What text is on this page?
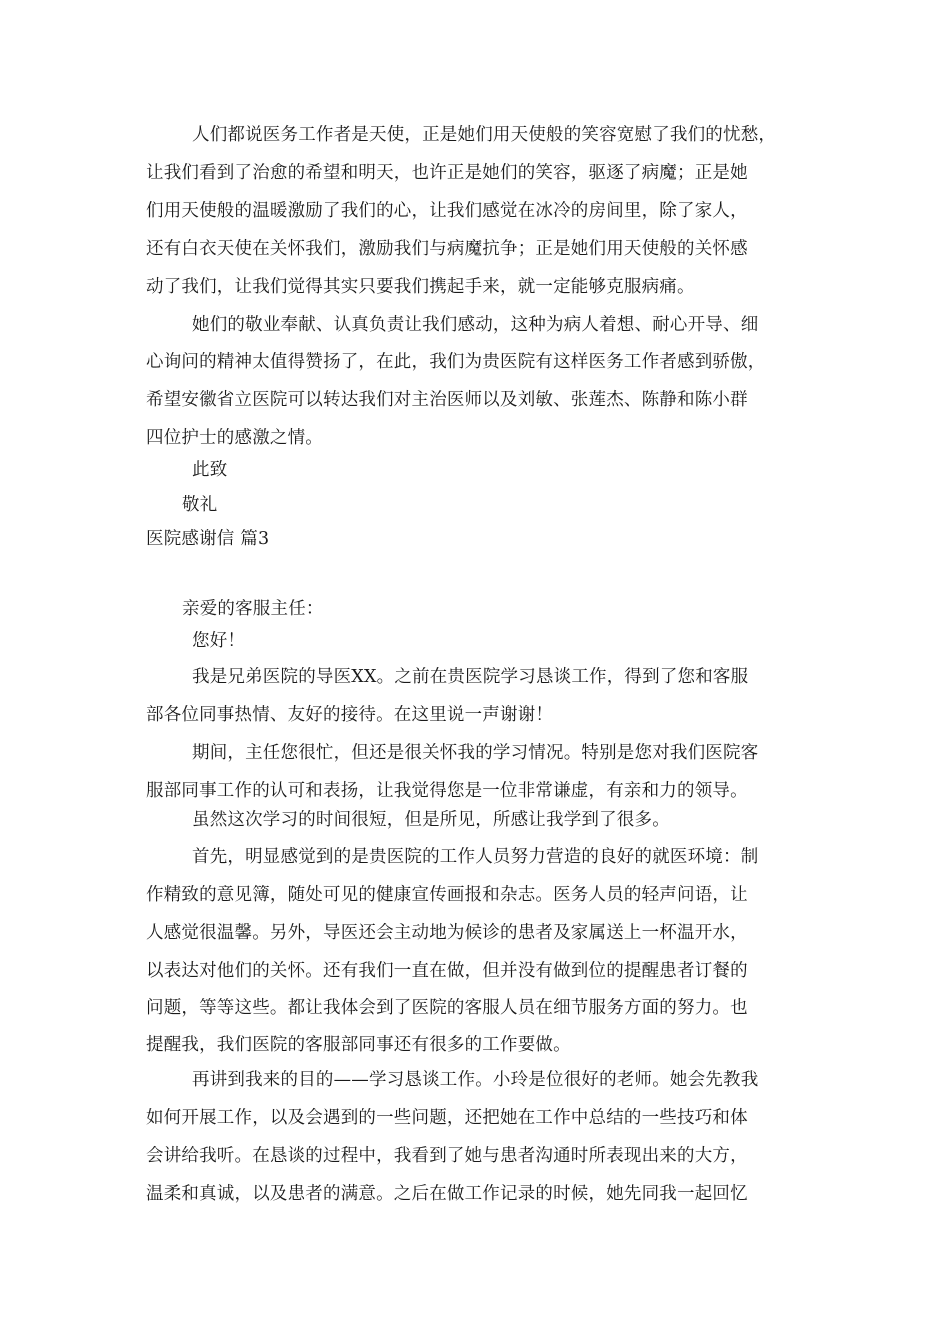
人们都说医务工作者是天使，正是她们用天使般的笑容宽慰了我们的忧愁，
让我们看到了治愈的希望和明天，也许正是她们的笑容，驱逐了病魔；正是她
们用天使般的温暖激励了我们的心，让我们感觉在冰冷的房间里，除了家人，
还有白衣天使在关怀我们，激励我们与病魔抗争；正是她们用天使般的关怀感
动了我们，让我们觉得其实只要我们携起手来，就一定能够克服病痛。
她们的敬业奉献、认真负责让我们感动，这种为病人着想、耐心开导、细
心询问的精神太值得赞扬了，在此，我们为贵医院有这样医务工作者感到骄傲，
希望安徽省立医院可以转达我们对主治医师以及刘敏、张莲杰、陈静和陈小群
四位护士的感激之情。
此致
敬礼
医院感谢信 篇3
亲爱的客服主任：
您好！
我是兄弟医院的导医XX。之前在贵医院学习恳谈工作，得到了您和客服
部各位同事热情、友好的接待。在这里说一声谢谢！
期间，主任您很忙，但还是很关怀我的学习情况。特别是您对我们医院客
服部同事工作的认可和表扬，让我觉得您是一位非常谦虚，有亲和力的领导。
虽然这次学习的时间很短，但是所见，所感让我学到了很多。
首先，明显感觉到的是贵医院的工作人员努力营造的良好的就医环境：制
作精致的意见簿，随处可见的健康宣传画报和杂志。医务人员的轻声问语，让
人感觉很温馨。另外，导医还会主动地为候诊的患者及家属送上一杯温开水，
以表达对他们的关怀。还有我们一直在做，但并没有做到位的提醒患者订餐的
问题，等等这些。都让我体会到了医院的客服人员在细节服务方面的努力。也
提醒我，我们医院的客服部同事还有很多的工作要做。
再讲到我来的目的——学习恳谈工作。小玲是位很好的老师。她会先教我
如何开展工作，以及会遇到的一些问题，还把她在工作中总结的一些技巧和体
会讲给我听。在恳谈的过程中，我看到了她与患者沟通时所表现出来的大方，
温柔和真诚，以及患者的满意。之后在做工作记录的时候，她先同我一起回忆
